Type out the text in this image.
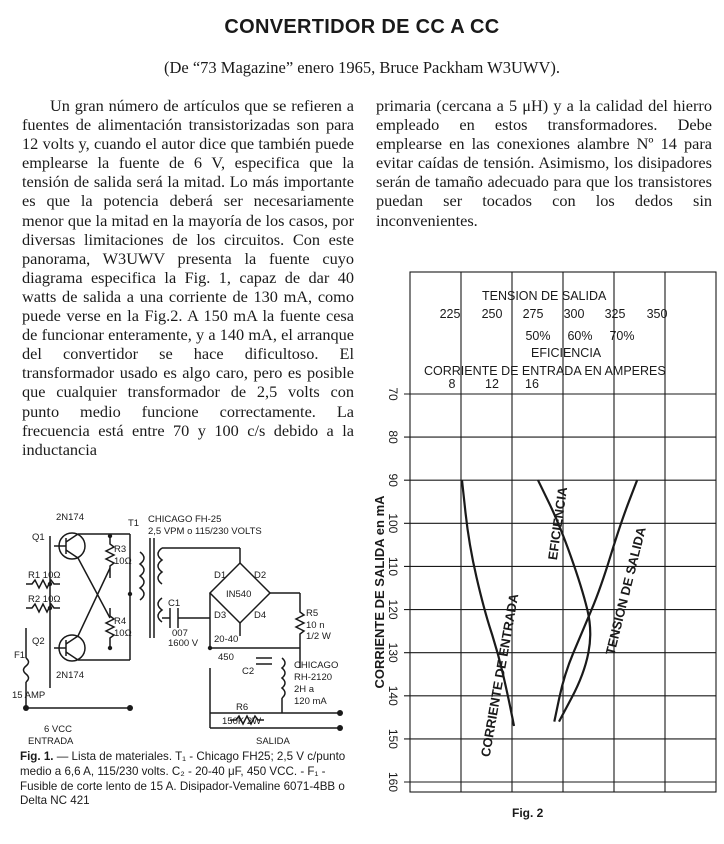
CONVERTIDOR DE CC A CC
(De “73 Magazine” enero 1965, Bruce Packham W3UWV).

Un gran número de artículos que se refieren a fuentes de alimentación transistorizadas son para 12 volts y, cuando el autor dice que también puede emplearse la fuente de 6 V, especifica que la tensión de salida será la mitad. Lo más importante es que la potencia deberá ser necesariamente menor que la mitad en la mayoría de los casos, por diversas limitaciones de los circuitos. Con este panorama, W3UWV presenta la fuente cuyo diagrama especifica la Fig. 1, capaz de dar 40 watts de salida a una corriente de 130 mA, como puede verse en la Fig.2. A 150 mA la fuente cesa de funcionar enteramente, y a 140 mA, el arranque del convertidor se hace dificultoso. El transformador usado es algo caro, pero es posible que cualquier transformador de 2,5 volts con punto medio funcione correctamente. La frecuencia está entre 70 y 100 c/s debido a la inductancia

primaria (cercana a 5 μH) y a la calidad del hierro empleado en estos transformadores. Debe emplearse en las conexiones alambre Nº 14 para evitar caídas de tensión. Asimismo, los disipadores serán de tamaño adecuado para que los transistores puedan ser tocados con los dedos sin inconvenientes.

2N174
Q1
R3
10Ω
R1 10Ω
R2 10Ω
R4
10Ω
Q2
2N174
F1
15 AMP
T1 CHICAGO FH-25
2,5 VPM o 115/230 VOLTS
C1
007
1600 V
D1	D2
D3	D4
IN540
R5
10 n
1/2 W
20-40
450
C2
CHICAGO
RH-2120
2H a
120 mA
R6
150K 2W
6 VCC
ENTRADA	SALIDA
Fig. 1. — Lista de materiales. T₁ - Chicago FH25; 2,5 V c/punto medio a 6,6 A, 115/230 volts. C₂ - 20-40 μF, 450 VCC. - F₁ - Fusible de corte lento de 15 A. Disipador-Vemaline 6071-4BB o Delta NC 421
70
80
90
100
110
120
130
140
150
160
TENSION DE SALIDA
225 250 275 300 325 350
50% 60% 70%
EFICIENCIA
CORRIENTE DE ENTRADA EN AMPERES
8 12 16
CORRIENTE DE SALIDA en mA	CORRIENTE DE ENTRADA
EFICIENCIA
TENSION DE SALIDA
Fig. 2
